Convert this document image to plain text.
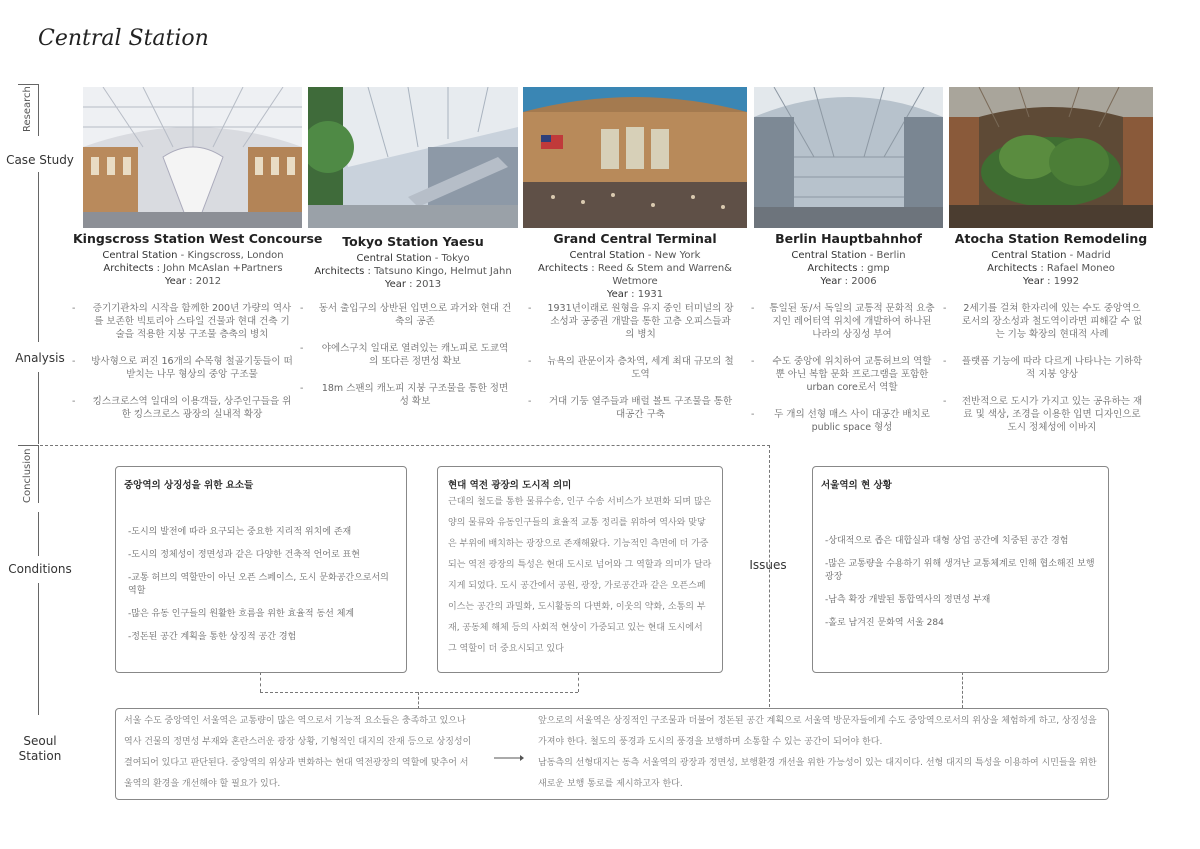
Central Station
Research
Case Study
Analysis
Conclusion
Conditions
Seoul Station
Issues
Kingscross Station West Concourse
Central Station - Kingscross, London
Architects : John McAslan +Partners
Year : 2012
Tokyo Station Yaesu
Central Station - Tokyo
Architects : Tatsuno Kingo, Helmut Jahn
Year : 2013
Grand Central Terminal
Central Station - New York
Architects : Reed & Stem and Warren& Wetmore
Year : 1931
Berlin Hauptbahnhof
Central Station - Berlin
Architects : gmp
Year : 2006
Atocha Station Remodeling
Central Station - Madrid
Architects : Rafael Moneo
Year : 1992
- 증기기관차의 시작을 함께한 200년 가량의 역사를 보존한 빅토리아 스타일 건물과 현대 건축 기술을 적용한 지붕 구조물 층축의 병치
- 방사형으로 퍼진 16개의 수목형 철골기둥들이 떠받치는 나무 형상의 중앙 구조물
- 킹스크로스역 일대의 이용객들, 상주인구들을 위한 킹스크로스 광장의 실내적 확장
- 동서 출입구의 상반된 입면으로 과거와 현대 건축의 공존
- 야에스구치 일대로 열려있는 캐노피로 도쿄역의 또다른 정면성 확보
- 18m 스팬의 캐노피 지붕 구조물을 통한 정면성 확보
- 1931년이래로 원형을 유지 중인 터미널의 장소성과 공중권 개발을 통한 고층 오피스들과의 병치
- 뉴욕의 관문이자 층차역, 세계 최대 규모의 철도역
- 거대 기둥 열주들과 배럴 볼트 구조물을 통한 대공간 구축
- 통일된 동/서 독일의 교통적 문화적 요충지인 레어터역 위치에 개발하여 하나된 나라의 상징성 부여
- 수도 중앙에 위치하여 교통허브의 역할 뿐 아닌 복합 문화 프로그램을 포함한 urban core로서 역할
- 두 개의 선형 매스 사이 대공간 배치로 public space 형성
- 2세기를 걸쳐 한자리에 있는 수도 중앙역으로서의 장소성과 철도역이라면 피해갈 수 없는 기능 확장의 현대적 사례
- 플랫폼 기능에 따라 다르게 나타나는 기하학적 지붕 양상
- 전반적으로 도시가 가지고 있는 공유하는 재료 및 색상, 조경을 이용한 입면 디자인으로 도시 정체성에 이바지
중앙역의 상징성을 위한 요소들
-도시의 발전에 따라 요구되는 중요한 지리적 위치에 존재
-도시의 정체성이 정면성과 같은 다양한 건축적 언어로 표현
-교통 허브의 역할만이 아닌 오픈 스페이스, 도시 문화공간으로서의 역할
-많은 유동 인구들의 원활한 흐름을 위한 효율적 동선 체계
-정돈된 공간 계획을 통한 상징적 공간 경험
현대 역전 광장의 도시적 의미
근대의 철도를 통한 물류수송, 인구 수송 서비스가 보편화 되며 많은 양의 물류와 유동인구들의 효율적 교통 정리를 위하여 역사와 맞닿은 부위에 배치하는 광장으로 존재해왔다. 기능적인 측면에 더 가중되는 역전 광장의 특성은 현대 도시로 넘어와 그 역할과 의미가 달라지게 되었다. 도시 공간에서 공원, 광장, 가로공간과 같은 오픈스페이스는 공간의 과밀화, 도시활동의 다변화, 이웃의 약화, 소통의 부재, 공동체 해체 등의 사회적 현상이 가중되고 있는 현대 도시에서 그 역할이 더 중요시되고 있다
서울역의 현 상황
-상대적으로 좁은 대합실과 대형 상업 공간에 치중된 공간 경험
-많은 교통량을 수용하기 위해 생겨난 교통체계로 인해 협소해진 보행 광장
-남측 확장 개발된 통합역사의 정면성 부재
-홀로 남겨진 문화역 서울 284
서울 수도 중앙역인 서울역은 교통량이 많은 역으로서 기능적 요소들은 충족하고 있으나 역사 건물의 정면성 부재와 혼란스러운 광장 상황, 기형적인 대지의 잔재 등으로 상징성이 결여되어 있다고 판단된다. 중앙역의 위상과 변화하는 현대 역전광장의 역할에 맞추어 서울역의 환경을 개선해야 할 필요가 있다.
앞으로의 서울역은 상징적인 구조물과 더불어 정돈된 공간 계획으로 서울역 방문자들에게 수도 중앙역으로서의 위상을 체험하게 하고, 상징성을 가져야 한다. 철도의 풍경과 도시의 풍경을 보행하며 소통할 수 있는 공간이 되어야 한다.
남동측의 선형대지는 동측 서울역의 광장과 정면성, 보행환경 개선을 위한 가능성이 있는 대지이다. 선형 대지의 특성을 이용하여 시민들을 위한 새로운 보행 통로를 제시하고자 한다.
